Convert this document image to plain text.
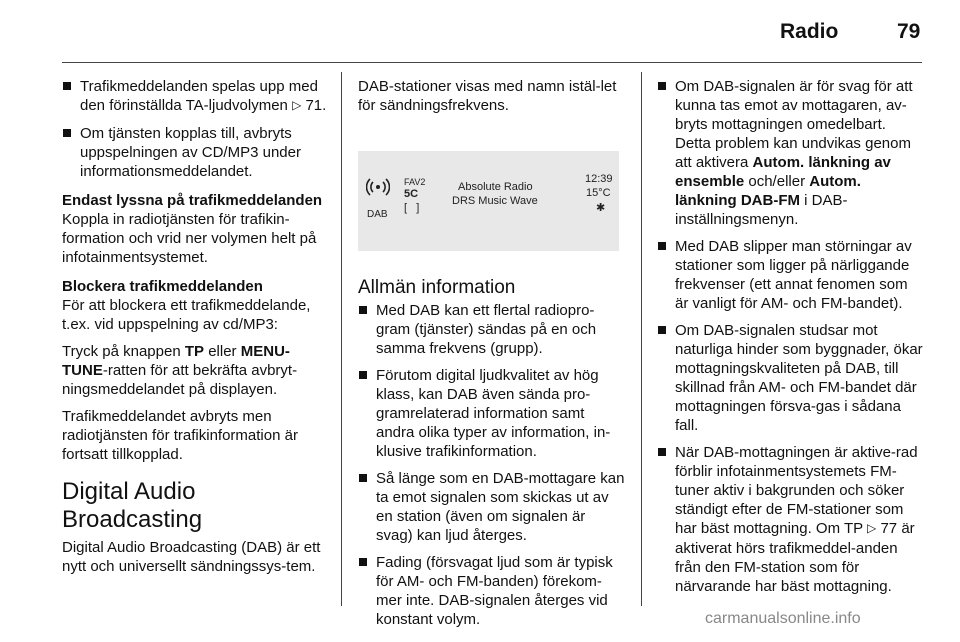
Radio	79
Trafikmeddelanden spelas upp med den förinställda TA-ljudvolymen ▷ 71.
Om tjänsten kopplas till, avbryts uppspelningen av CD/MP3 under informationsmeddelandet.

Endast lyssna på trafikmeddelanden

Koppla in radiotjänsten för trafikin-formation och vrid ner volymen helt på infotainmentsystemet.

Blockera trafikmeddelanden

För att blockera ett trafikmeddelande, t.ex. vid uppspelning av cd/MP3:

Tryck på knappen TP eller MENU-TUNE-ratten för att bekräfta avbryt-ningsmeddelandet på displayen.

Trafikmeddelandet avbryts men radiotjänsten för trafikinformation är fortsatt tillkopplad.

Digital Audio Broadcasting

Digital Audio Broadcasting (DAB) är ett nytt och universellt sändningssys-tem.

DAB-stationer visas med namn istäl-let för sändningsfrekvens.

DAB
FAV2
5C
[   ]
Absolute Radio
DRS Music Wave
12:39
15°C
✱
Allmän information
Med DAB kan ett flertal radiopro-gram (tjänster) sändas på en och samma frekvens (grupp).
Förutom digital ljudkvalitet av hög klass, kan DAB även sända pro-gramrelaterad information samt andra olika typer av information, in-klusive trafikinformation.
Så länge som en DAB-mottagare kan ta emot signalen som skickas ut av en station (även om signalen är svag) kan ljud återges.
Fading (försvagat ljud som är typisk för AM- och FM-banden) förekom-mer inte. DAB-signalen återges vid konstant volym.
Om DAB-signalen är för svag för att kunna tas emot av mottagaren, av-bryts mottagningen omedelbart. Detta problem kan undvikas genom att aktivera Autom. länkning av ensemble och/eller Autom. länkning DAB-FM i DAB-inställningsmenyn.
Med DAB slipper man störningar av stationer som ligger på närliggande frekvenser (ett annat fenomen som är vanligt för AM- och FM-bandet).
Om DAB-signalen studsar mot naturliga hinder som byggnader, ökar mottagningskvaliteten på DAB, till skillnad från AM- och FM-bandet där mottagningen försva-gas i sådana fall.
När DAB-mottagningen är aktive-rad förblir infotainmentsystemets FM-tuner aktiv i bakgrunden och söker ständigt efter de FM-stationer som har bäst mottagning. Om TP ▷ 77 är aktiverat hörs trafikmeddel-anden från den FM-station som för närvarande har bäst mottagning.
carmanualsonline.info
